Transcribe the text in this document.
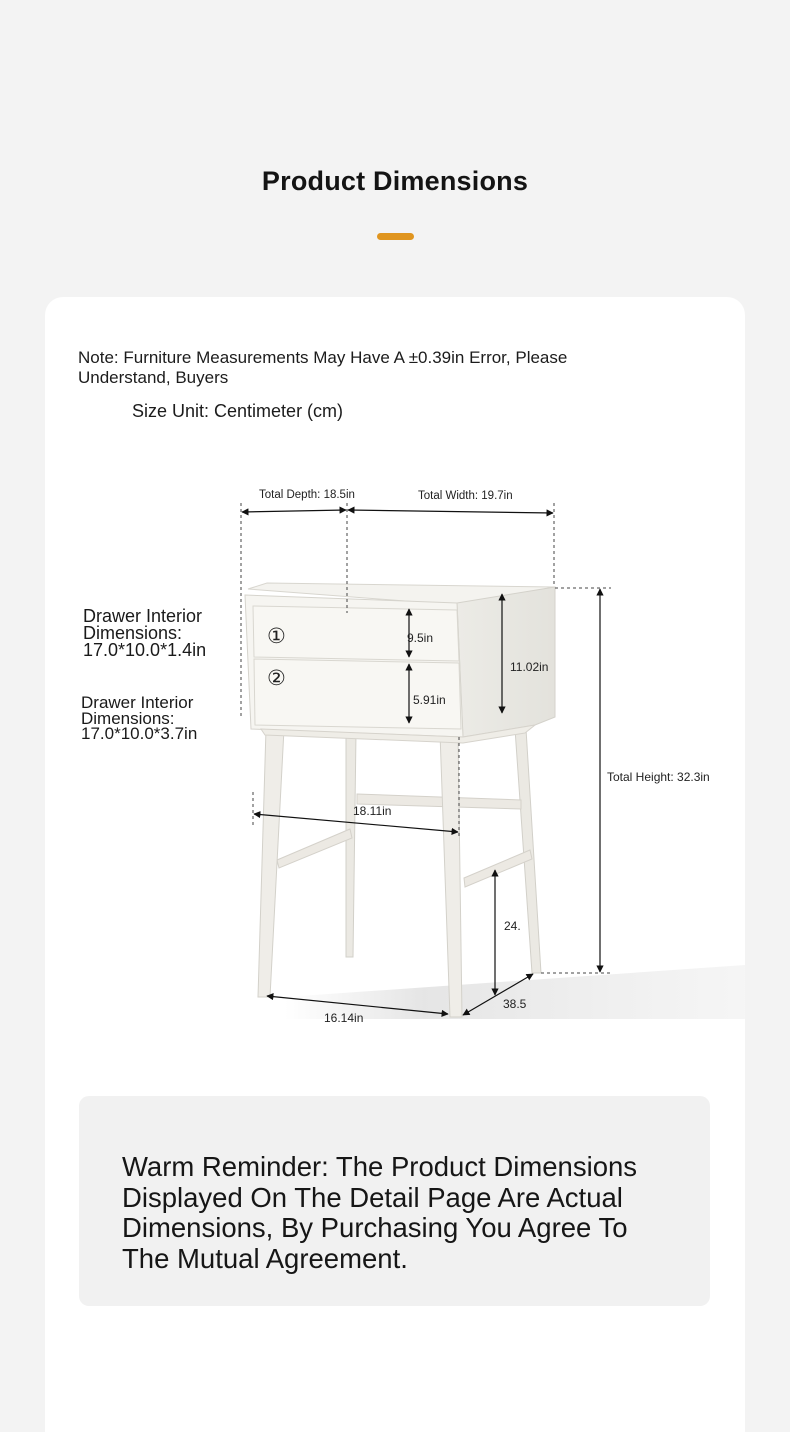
Product Dimensions
Note: Furniture Measurements May Have A ±0.39in Error, Please Understand, Buyers
Size Unit: Centimeter (cm)
Total Depth: 18.5in	Total Width: 19.7in
9.5in
5.91in
11.02in
Total Height: 32.3in
18.11in
24.
38.5
16.14in
①
②
Drawer Interior
Dimensions:
17.0*10.0*1.4in
Drawer Interior
Dimensions:
17.0*10.0*3.7in
Warm Reminder: The Product Dimensions Displayed On The Detail Page Are Actual Dimensions, By Purchasing You Agree To The Mutual Agreement.
